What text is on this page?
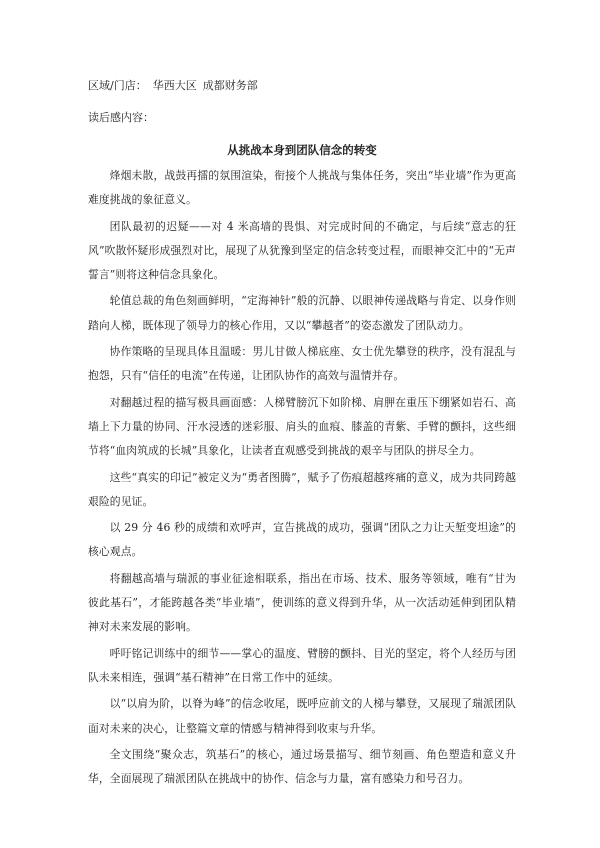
区域/门店： 华西大区 成都财务部
读后感内容：
从挑战本身到团队信念的转变

烽烟未散，战鼓再擂的氛围渲染，衔接个人挑战与集体任务，突出“毕业墙”作为更高难度挑战的象征意义。

团队最初的迟疑——对 4 米高墙的畏惧、对完成时间的不确定，与后续“意志的狂风”吹散怀疑形成强烈对比，展现了从犹豫到坚定的信念转变过程，而眼神交汇中的“无声誓言”则将这种信念具象化。

轮值总裁的角色刻画鲜明，“定海神针”般的沉静、以眼神传递战略与肯定、以身作则踏向人梯，既体现了领导力的核心作用，又以“攀越者”的姿态激发了团队动力。

协作策略的呈现具体且温暖：男儿甘做人梯底座、女士优先攀登的秩序，没有混乱与抱怨，只有“信任的电流”在传递，让团队协作的高效与温情并存。

对翻越过程的描写极具画面感：人梯臂膀沉下如阶梯、肩胛在重压下绷紧如岩石、高墙上下力量的协同、汗水浸透的迷彩服、肩头的血痕、膝盖的青紫、手臂的颤抖，这些细节将“血肉筑成的长城”具象化，让读者直观感受到挑战的艰辛与团队的拼尽全力。

这些“真实的印记”被定义为“勇者图腾”，赋予了伤痕超越疼痛的意义，成为共同跨越艰险的见证。

以 29 分 46 秒的成绩和欢呼声，宣告挑战的成功，强调“团队之力让天堑变坦途”的核心观点。

将翻越高墙与瑞派的事业征途相联系，指出在市场、技术、服务等领域，唯有“甘为彼此基石”，才能跨越各类“毕业墙”，使训练的意义得到升华，从一次活动延伸到团队精神对未来发展的影响。

呼吁铭记训练中的细节——掌心的温度、臂膀的颤抖、目光的坚定，将个人经历与团队未来相连，强调“基石精神”在日常工作中的延续。

以“以肩为阶，以脊为峰”的信念收尾，既呼应前文的人梯与攀登，又展现了瑞派团队面对未来的决心，让整篇文章的情感与精神得到收束与升华。

全文围绕“聚众志，筑基石”的核心，通过场景描写、细节刻画、角色塑造和意义升华，全面展现了瑞派团队在挑战中的协作、信念与力量，富有感染力和号召力。
